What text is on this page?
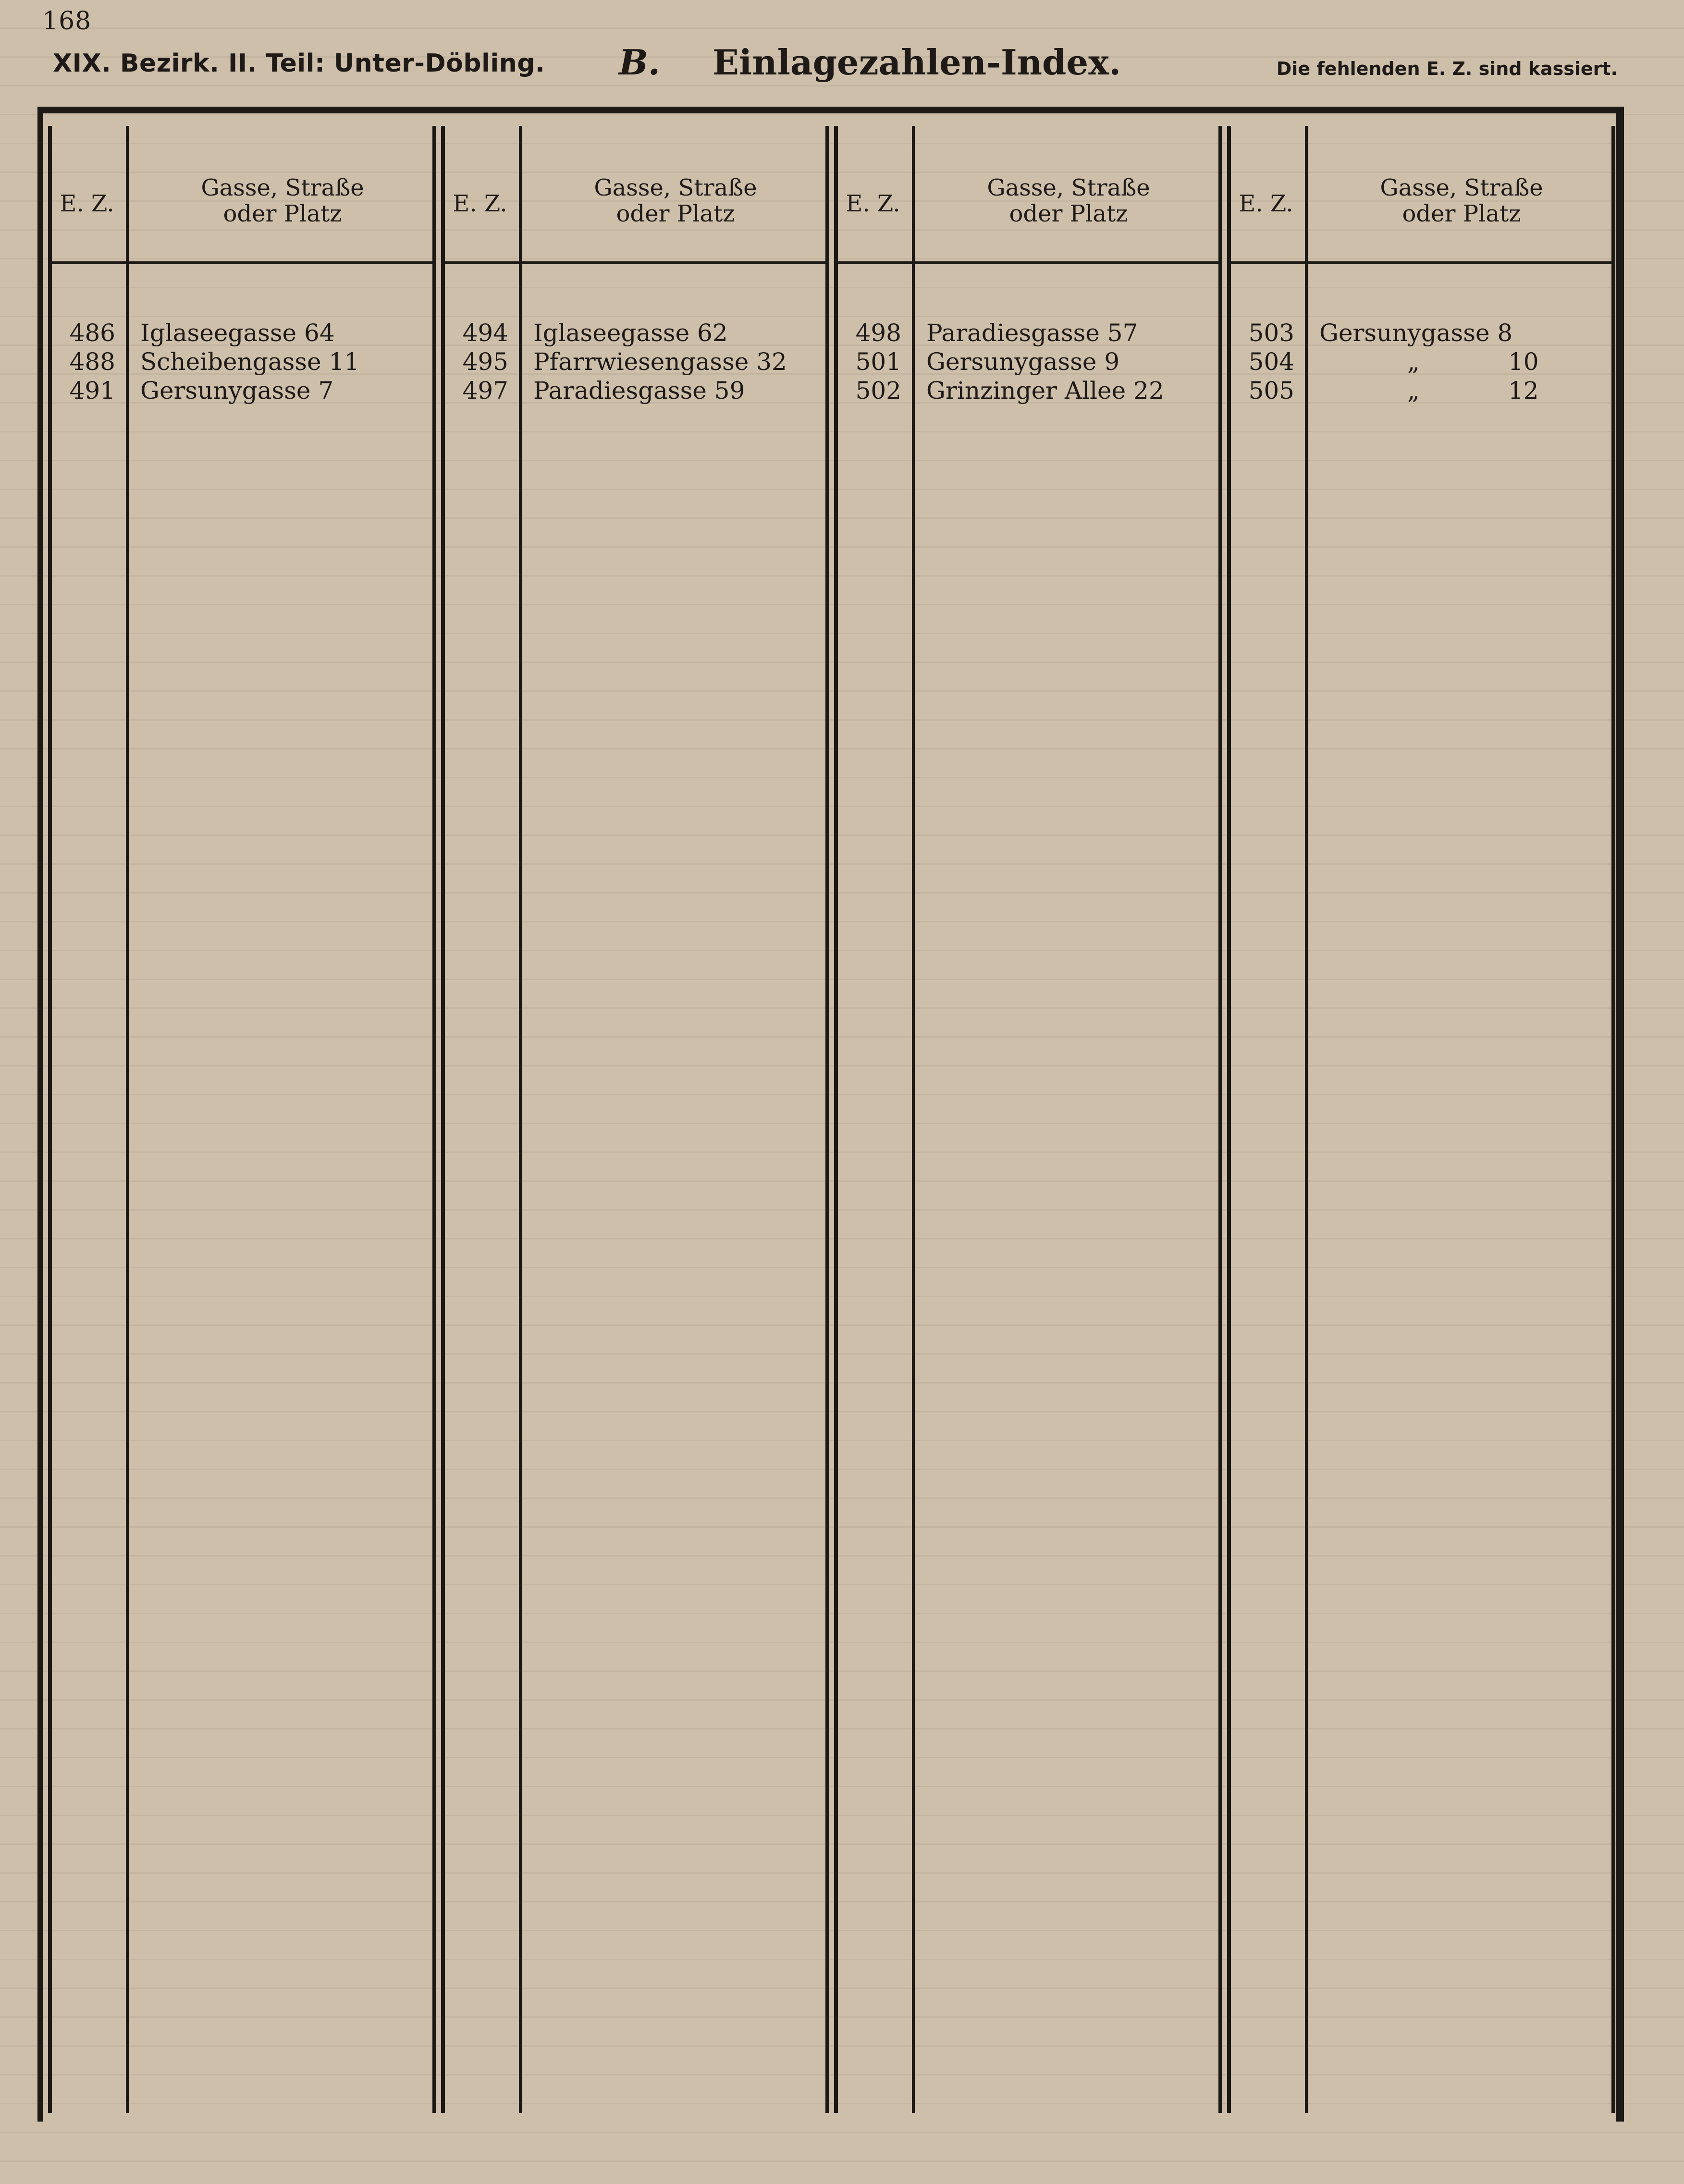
168
XIX. Bezirk. II. Teil: Unter-Döbling. B. Einlagezahlen-Index.	Die fehlenden E. Z. sind kassiert.
E. Z.
Gasse, Straße
oder Platz
486 Iglaseegasse 64
488 Scheibengasse 11
491 Gersunygasse 7
E. Z.
Gasse, Straße
oder Platz
494 Iglaseegasse 62
495 Pfarrwiesengasse 32
497 Paradiesgasse 59
E. Z.
Gasse, Straße
oder Platz
498 Paradiesgasse 57
501 Gersunygasse 9
502 Grinzinger Allee 22
E. Z.
Gasse, Straße
oder Platz
503 Gersunygasse 8
504	„	10
505	„	12
